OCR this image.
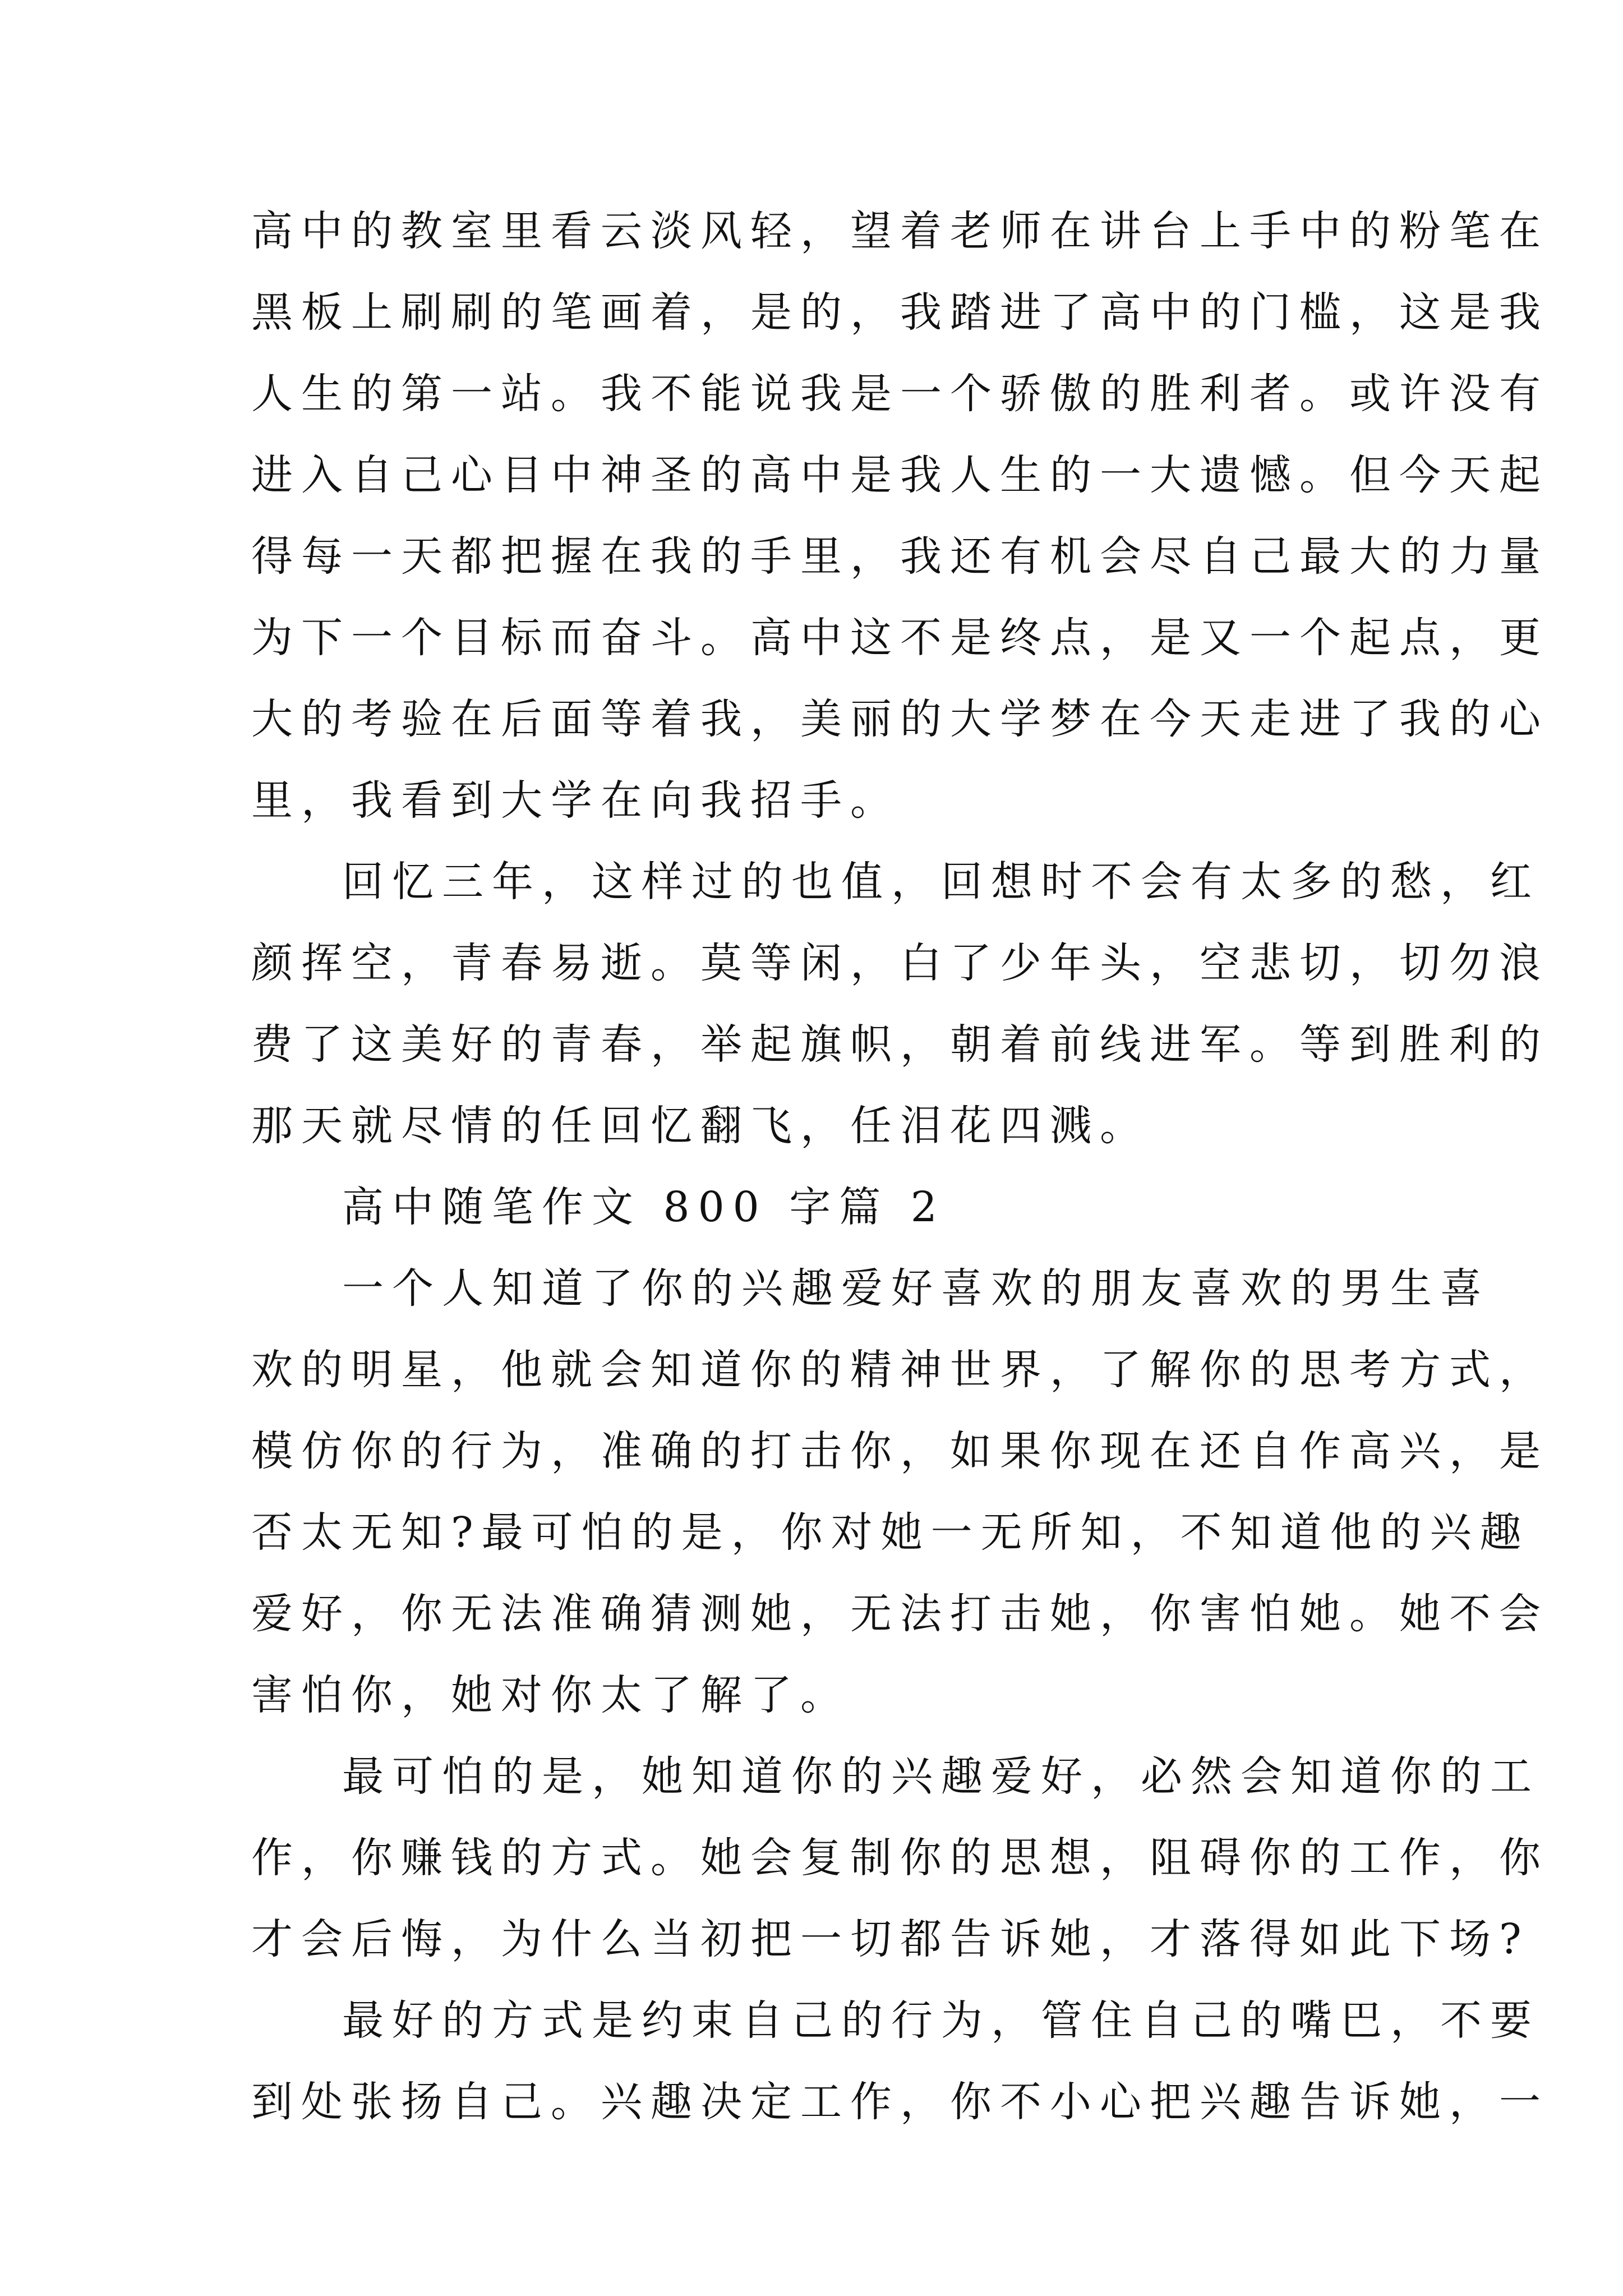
高中的教室里看云淡风轻，望着老师在讲台上手中的粉笔在
黑板上刷刷的笔画着，是的，我踏进了高中的门槛，这是我
人生的第一站。我不能说我是一个骄傲的胜利者。或许没有
进入自己心目中神圣的高中是我人生的一大遗憾。但今天起
得每一天都把握在我的手里，我还有机会尽自己最大的力量
为下一个目标而奋斗。高中这不是终点，是又一个起点，更
大的考验在后面等着我，美丽的大学梦在今天走进了我的心
里，我看到大学在向我招手。
回忆三年，这样过的也值，回想时不会有太多的愁，红
颜挥空，青春易逝。莫等闲，白了少年头，空悲切，切勿浪
费了这美好的青春，举起旗帜，朝着前线进军。等到胜利的
那天就尽情的任回忆翻飞，任泪花四溅。
高中随笔作文 800 字篇 2
一个人知道了你的兴趣爱好喜欢的朋友喜欢的男生喜
欢的明星，他就会知道你的精神世界，了解你的思考方式，
模仿你的行为，准确的打击你，如果你现在还自作高兴，是
否太无知?最可怕的是，你对她一无所知，不知道他的兴趣
爱好，你无法准确猜测她，无法打击她，你害怕她。她不会
害怕你，她对你太了解了。
最可怕的是，她知道你的兴趣爱好，必然会知道你的工
作，你赚钱的方式。她会复制你的思想，阻碍你的工作，你
才会后悔，为什么当初把一切都告诉她，才落得如此下场?
最好的方式是约束自己的行为，管住自己的嘴巴，不要
到处张扬自己。兴趣决定工作，你不小心把兴趣告诉她，一
